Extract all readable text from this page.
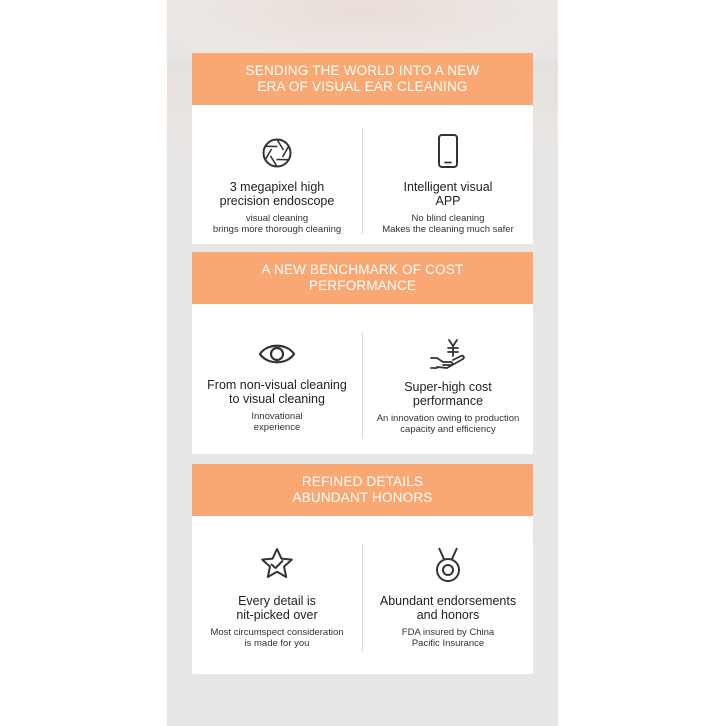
SENDING THE WORLD INTO A NEW
ERA OF VISUAL EAR CLEANING
3 megapixel high
precision endoscope
visual cleaning
brings more thorough cleaning
Intelligent visual
APP
No blind cleaning
Makes the cleaning much safer
A NEW BENCHMARK OF COST
PERFORMANCE
From non-visual cleaning
to visual cleaning
Innovational
experience
Super-high cost
performance
An innovation owing to production
capacity and efficiency
REFINED DETAILS
ABUNDANT HONORS
Every detail is
nit-picked over
Most circumspect consideration
is made for you
Abundant endorsements
and honors
FDA insured by China
Pacific Insurance
